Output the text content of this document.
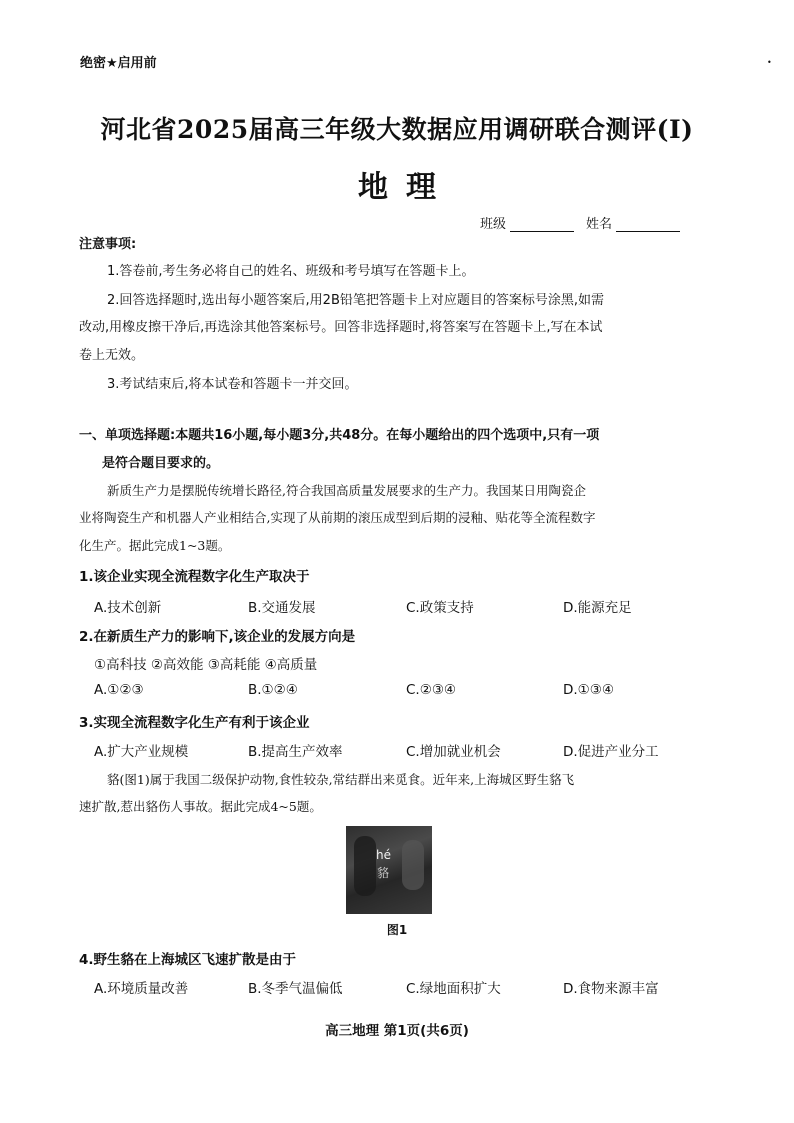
绝密★启用前	•
河北省2025届高三年级大数据应用调研联合测评(Ⅰ)
地理
班级	姓名
注意事项:
1.答卷前,考生务必将自己的姓名、班级和考号填写在答题卡上。
2.回答选择题时,选出每小题答案后,用2B铅笔把答题卡上对应题目的答案标号涂黑,如需
改动,用橡皮擦干净后,再选涂其他答案标号。回答非选择题时,将答案写在答题卡上,写在本试
卷上无效。
3.考试结束后,将本试卷和答题卡一并交回。
一、单项选择题:本题共16小题,每小题3分,共48分。在每小题给出的四个选项中,只有一项
是符合题目要求的。
新质生产力是摆脱传统增长路径,符合我国高质量发展要求的生产力。我国某日用陶瓷企
业将陶瓷生产和机器人产业相结合,实现了从前期的滚压成型到后期的浸釉、贴花等全流程数字
化生产。据此完成1~3题。
1.该企业实现全流程数字化生产取决于
A.技术创新	B.交通发展	C.政策支持	D.能源充足
2.在新质生产力的影响下,该企业的发展方向是
①高科技 ②高效能 ③高耗能 ④高质量
A.①②③	B.①②④	C.②③④	D.①③④
3.实现全流程数字化生产有利于该企业
A.扩大产业规模	B.提高生产效率	C.增加就业机会	D.促进产业分工
貉(图1)属于我国二级保护动物,食性较杂,常结群出来觅食。近年来,上海城区野生貉飞
速扩散,惹出貉伤人事故。据此完成4~5题。
hé
貉
图1
4.野生貉在上海城区飞速扩散是由于
A.环境质量改善	B.冬季气温偏低	C.绿地面积扩大	D.食物来源丰富
高三地理 第1页(共6页)
